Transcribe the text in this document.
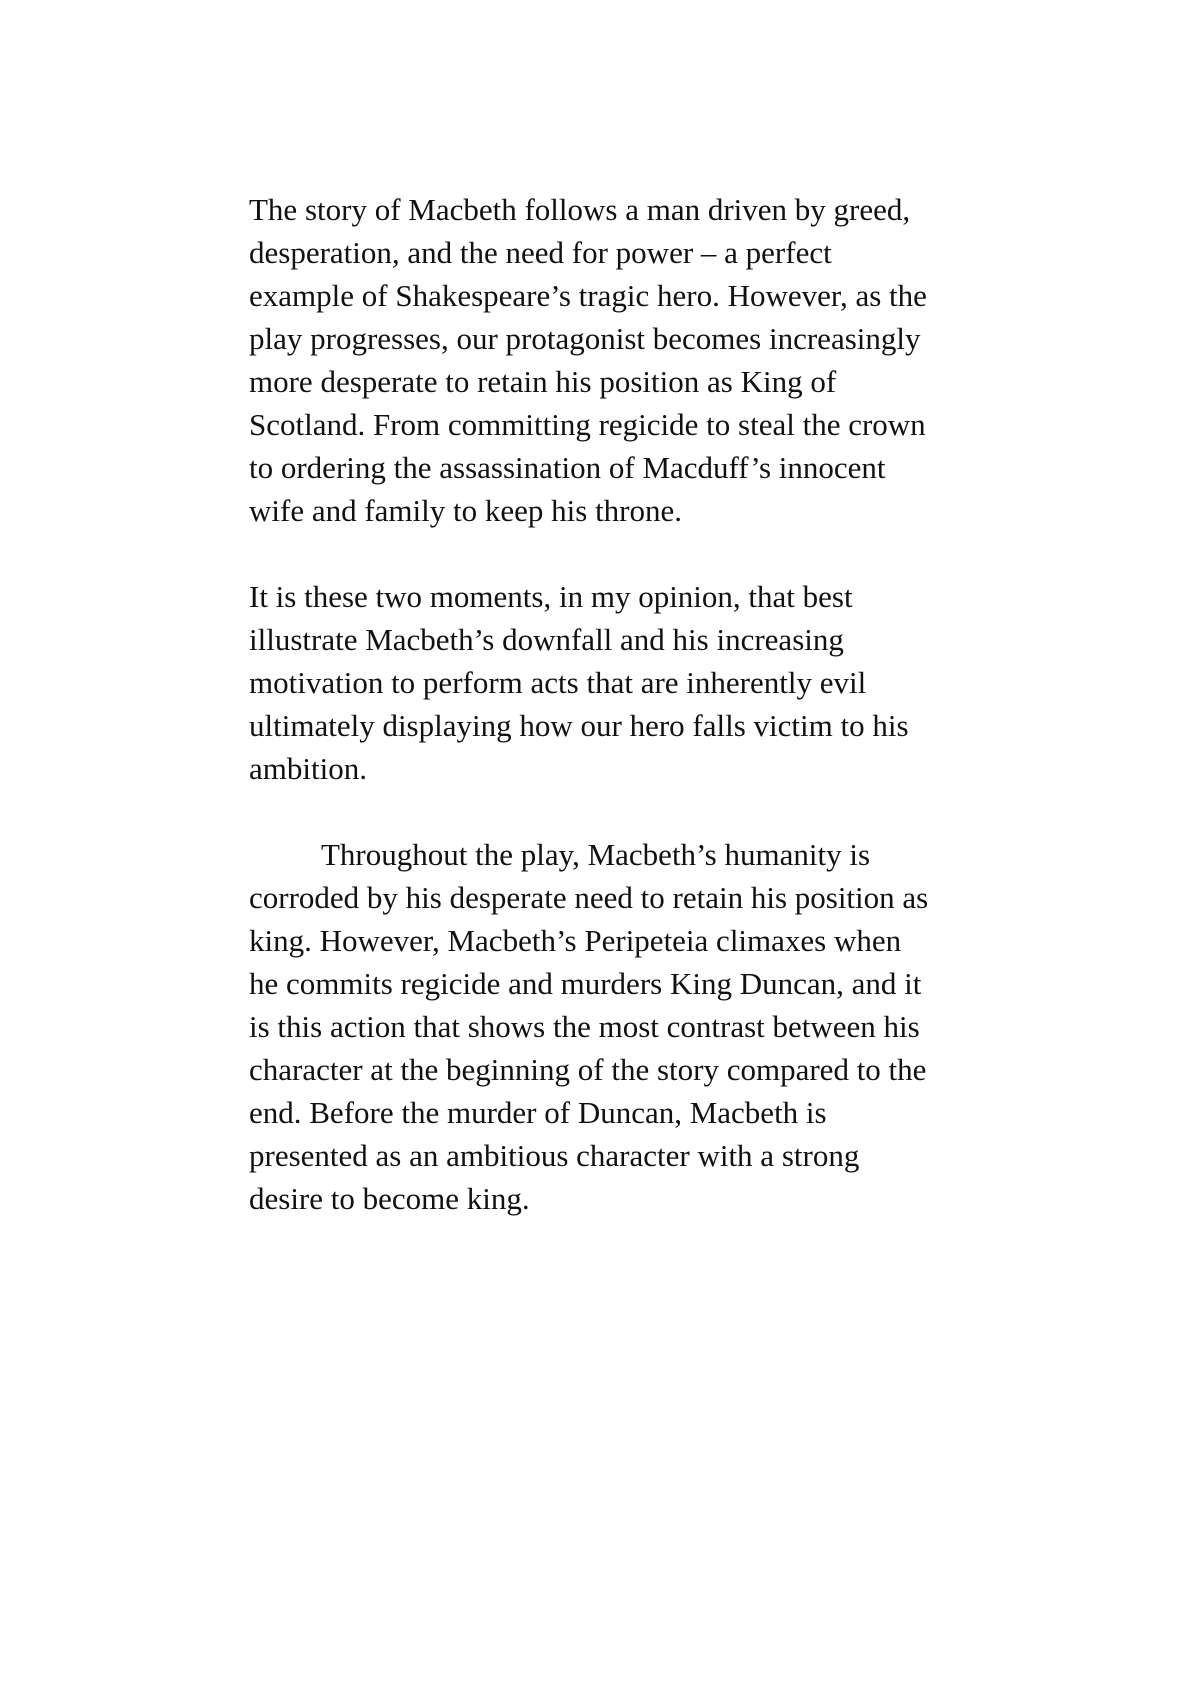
The story of Macbeth follows a man driven by greed,
desperation, and the need for power – a perfect
example of Shakespeare’s tragic hero. However, as the
play progresses, our protagonist becomes increasingly
more desperate to retain his position as King of
Scotland. From committing regicide to steal the crown
to ordering the assassination of Macduff’s innocent
wife and family to keep his throne.
It is these two moments, in my opinion, that best
illustrate Macbeth’s downfall and his increasing
motivation to perform acts that are inherently evil
ultimately displaying how our hero falls victim to his
ambition.
Throughout the play, Macbeth’s humanity is
corroded by his desperate need to retain his position as
king. However, Macbeth’s Peripeteia climaxes when
he commits regicide and murders King Duncan, and it
is this action that shows the most contrast between his
character at the beginning of the story compared to the
end. Before the murder of Duncan, Macbeth is
presented as an ambitious character with a strong
desire to become king.
